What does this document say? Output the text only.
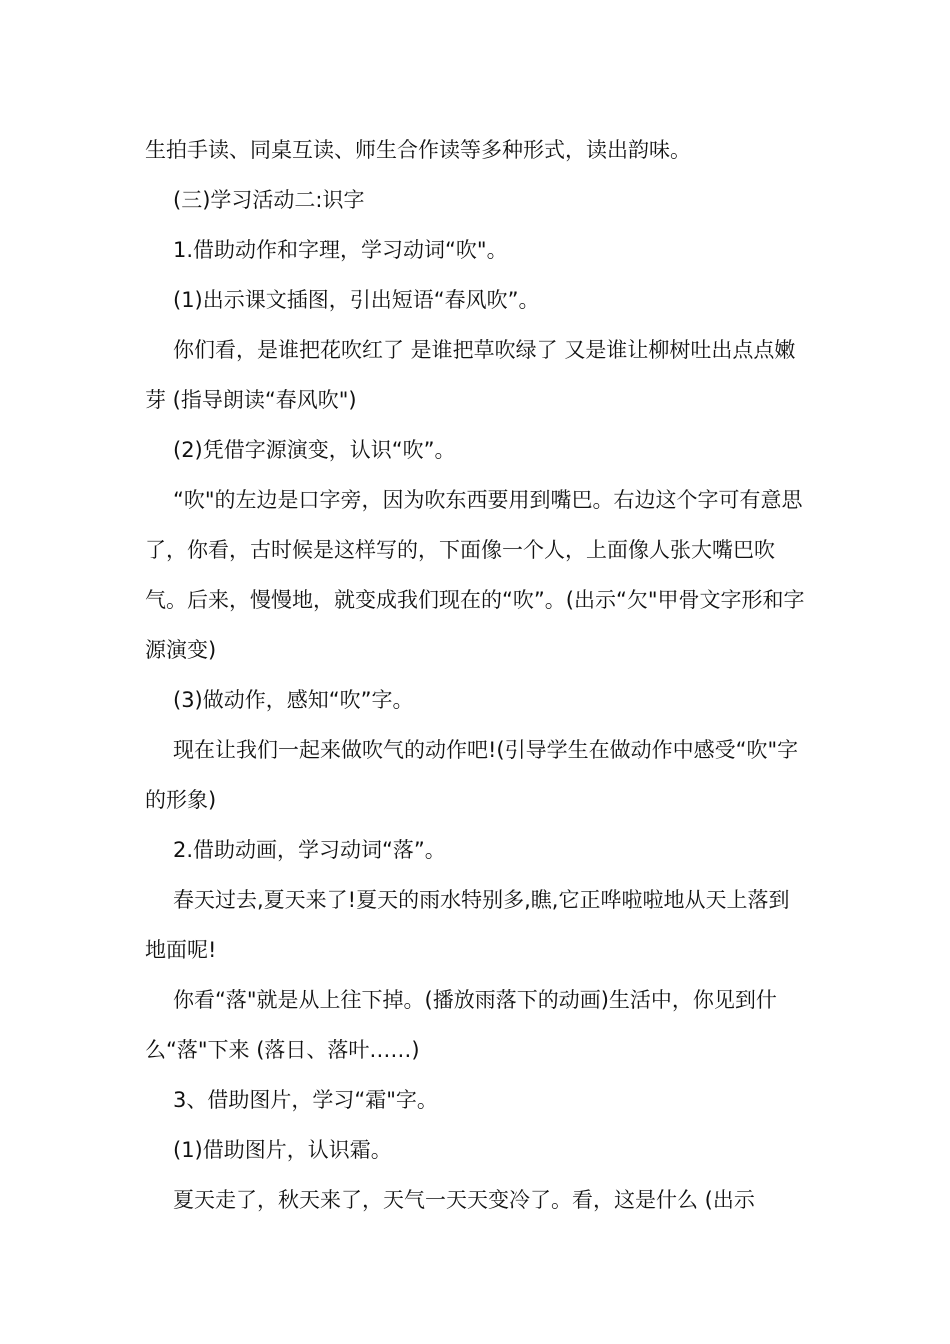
生拍手读、同桌互读、师生合作读等多种形式，读出韵味。

(三)学习活动二:识字

1.借助动作和字理，学习动词“吹"。

(1)出示课文插图，引出短语“春风吹”。

你们看，是谁把花吹红了 是谁把草吹绿了 又是谁让柳树吐出点点嫩芽 (指导朗读“春风吹")

(2)凭借字源演变，认识“吹”。

“吹"的左边是口字旁，因为吹东西要用到嘴巴。右边这个字可有意思了，你看，古时候是这样写的，下面像一个人，上面像人张大嘴巴吹气。后来，慢慢地，就变成我们现在的“吹”。(出示“欠"甲骨文字形和字源演变)

(3)做动作，感知“吹”字。

现在让我们一起来做吹气的动作吧!(引导学生在做动作中感受“吹"字的形象)

2.借助动画，学习动词“落”。

春天过去,夏天来了!夏天的雨水特别多,瞧,它正哗啦啦地从天上落到地面呢!

你看“落"就是从上往下掉。(播放雨落下的动画)生活中，你见到什么“落"下来 (落日、落叶……)

3、借助图片，学习“霜"字。

(1)借助图片，认识霜。

夏天走了，秋天来了，天气一天天变冷了。看，这是什么 (出示
